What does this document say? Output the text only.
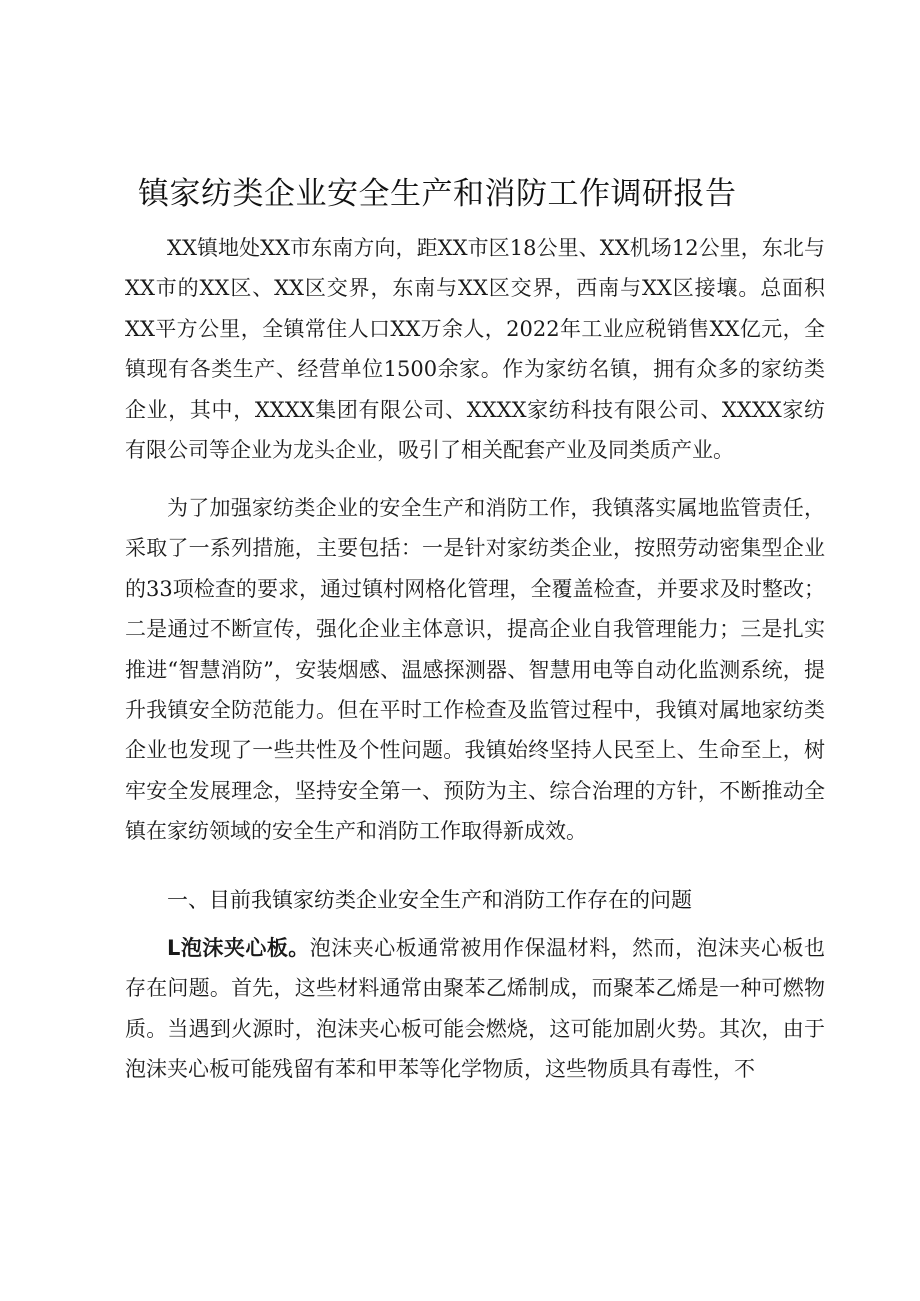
镇家纺类企业安全生产和消防工作调研报告

XX镇地处XX市东南方向，距XX市区18公里、XX机场12公里，东北与XX市的XX区、XX区交界，东南与XX区交界，西南与XX区接壤。总面积XX平方公里，全镇常住人口XX万余人，2022年工业应税销售XX亿元，全镇现有各类生产、经营单位1500余家。作为家纺名镇，拥有众多的家纺类企业，其中，XXXX集团有限公司、XXXX家纺科技有限公司、XXXX家纺有限公司等企业为龙头企业，吸引了相关配套产业及同类质产业。

为了加强家纺类企业的安全生产和消防工作，我镇落实属地监管责任，采取了一系列措施，主要包括：一是针对家纺类企业，按照劳动密集型企业的33项检查的要求，通过镇村网格化管理，全覆盖检查，并要求及时整改；二是通过不断宣传，强化企业主体意识，提高企业自我管理能力；三是扎实推进“智慧消防”，安装烟感、温感探测器、智慧用电等自动化监测系统，提升我镇安全防范能力。但在平时工作检查及监管过程中，我镇对属地家纺类企业也发现了一些共性及个性问题。我镇始终坚持人民至上、生命至上，树牢安全发展理念，坚持安全第一、预防为主、综合治理的方针，不断推动全镇在家纺领域的安全生产和消防工作取得新成效。

一、目前我镇家纺类企业安全生产和消防工作存在的问题

L泡沫夹心板。泡沫夹心板通常被用作保温材料，然而，泡沫夹心板也存在问题。首先，这些材料通常由聚苯乙烯制成，而聚苯乙烯是一种可燃物质。当遇到火源时，泡沫夹心板可能会燃烧，这可能加剧火势。其次，由于泡沫夹心板可能残留有苯和甲苯等化学物质，这些物质具有毒性，不
